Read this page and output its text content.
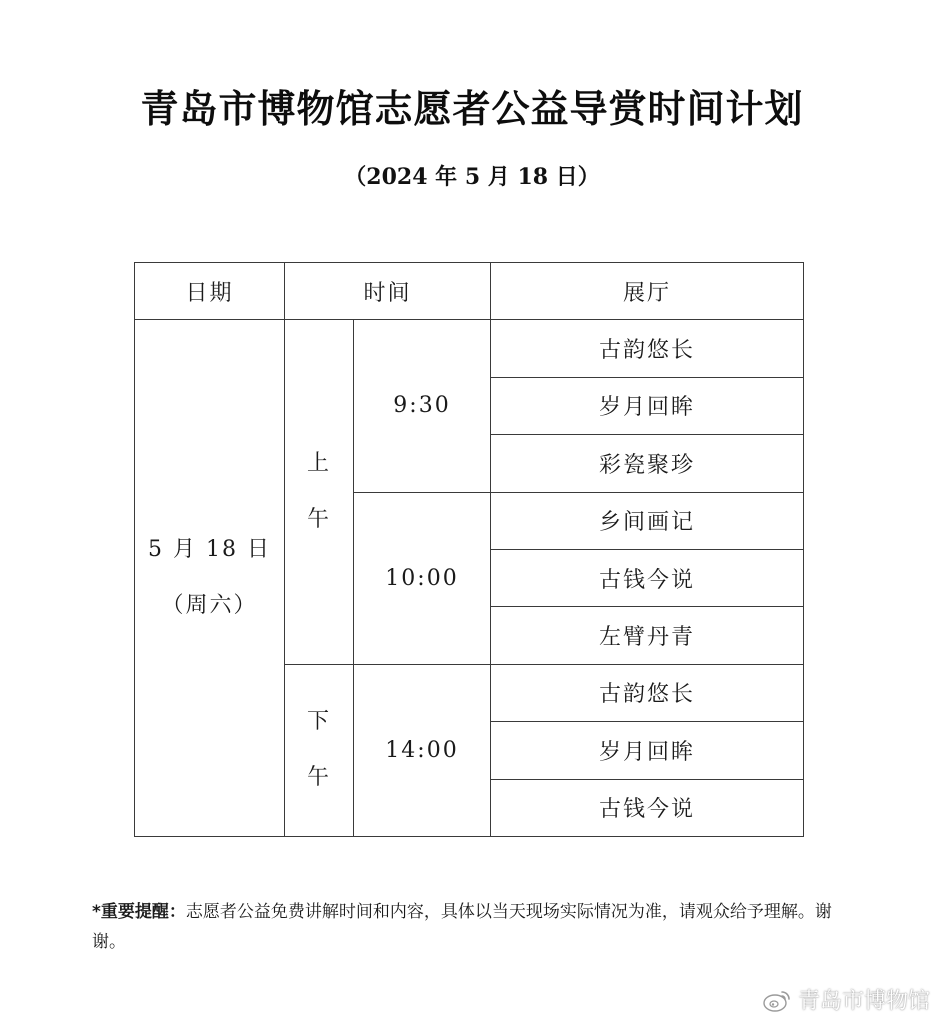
青岛市博物馆志愿者公益导赏时间计划
（2024 年 5 月 18 日）
日期	时间		展厅

5 月 18 日
（周六）	上午	9:30	古韵悠长
			岁月回眸
			彩瓷聚珍
		10:00	乡间画记
			古钱今说
			左臂丹青
	下午	14:00	古韵悠长
			岁月回眸
			古钱今说
*重要提醒：志愿者公益免费讲解时间和内容，具体以当天现场实际情况为准，请观众给予理解。谢谢。
青岛市博物馆
